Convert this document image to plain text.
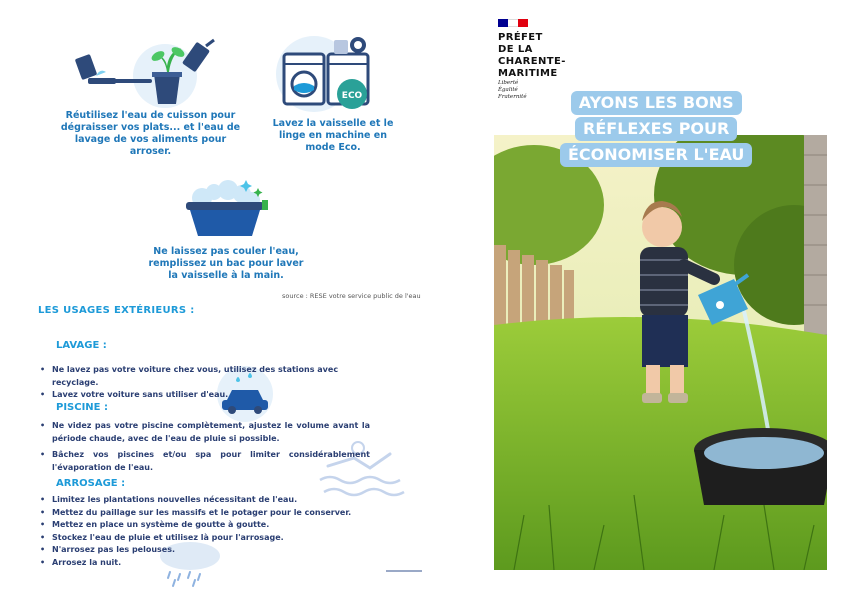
Réutilisez l'eau de cuisson pour dégraisser vos plats... et l'eau de lavage de vos aliments pour arroser.
ECO
Lavez la vaisselle et le linge en machine en mode Eco.
Ne laissez pas couler l'eau, remplissez un bac pour laver la vaisselle à la main.
source : RESE votre service public de l'eau
LES USAGES EXTÉRIEURS :
LAVAGE :
• Ne lavez pas votre voiture chez vous, utilisez des stations avec recyclage.
• Lavez votre voiture sans utiliser d'eau.
PISCINE :
• Ne videz pas votre piscine complètement, ajustez le volume avant la période chaude, avec de l'eau de pluie si possible.
• Bâchez vos piscines et/ou spa pour limiter considérablement l'évaporation de l'eau.
ARROSAGE :
• Limitez les plantations nouvelles nécessitant de l'eau.
• Mettez du paillage sur les massifs et le potager pour le conserver.
• Mettez en place un système de goutte à goutte.
• Stockez l'eau de pluie et utilisez là pour l'arrosage.
• N'arrosez pas les pelouses.
• Arrosez la nuit.
PRÉFET
DE LA
CHARENTE-
MARITIME
Liberté
Égalité
Fraternité	AYONS LES BONS
RÉFLEXES POUR
ÉCONOMISER L'EAU
